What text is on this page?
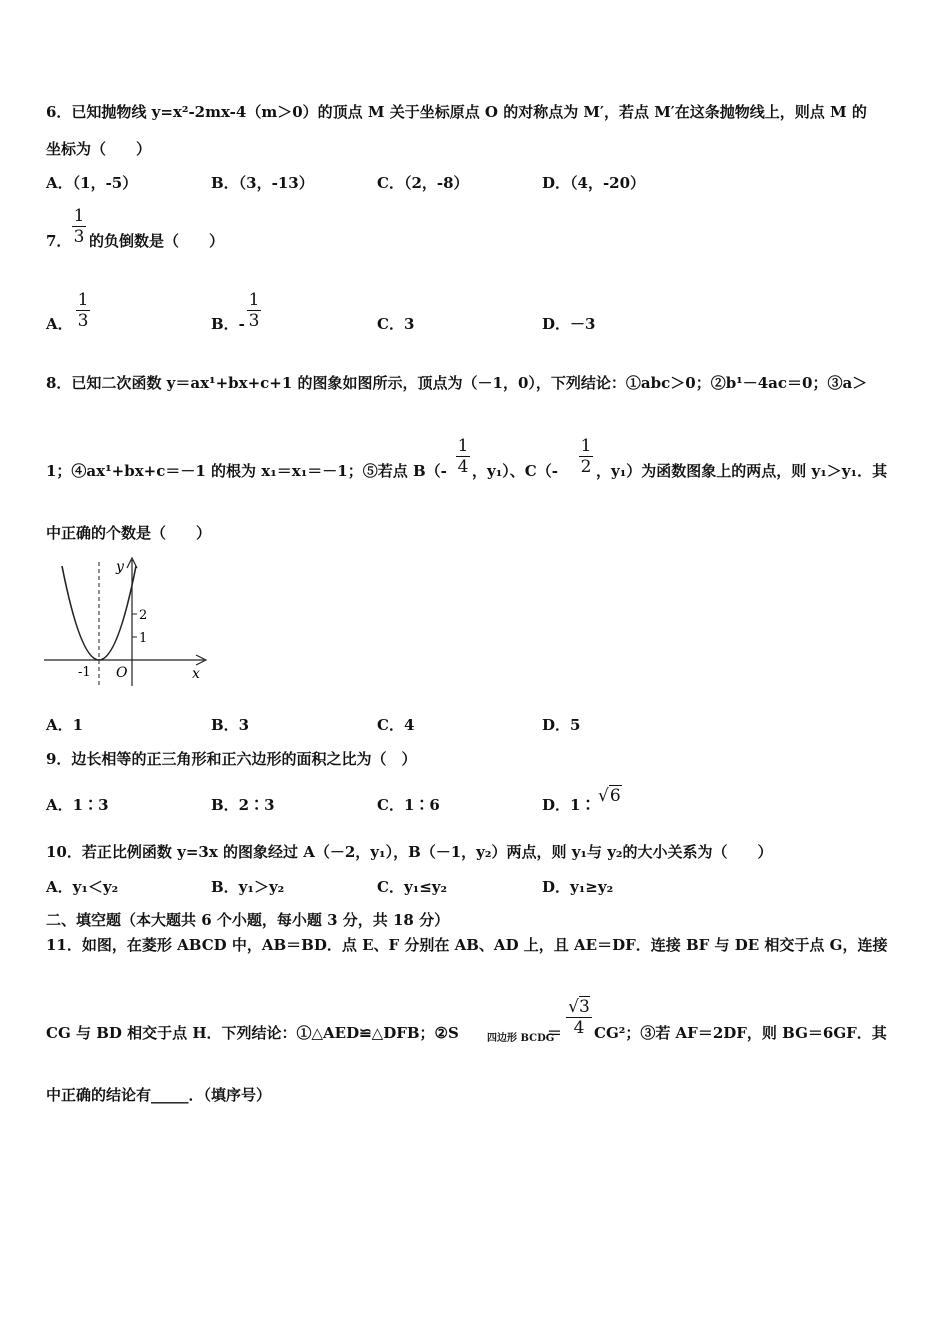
6．已知抛物线 y=x²-2mx-4（m＞0）的顶点 M 关于坐标原点 O 的对称点为 M′，若点 M′在这条抛物线上，则点 M 的
坐标为（　　）
A．（1，-5）	B．（3，-13）	C．（2，-8）	D．（4，-20）
7．
1
3 的负倒数是（　　）
A．
1
3	B．-
1
3	C．3	D．－3
8．已知二次函数 y＝ax¹+bx+c+1 的图象如图所示，顶点为（－1，0），下列结论：①abc＞0；②b¹－4ac＝0；③a＞
1；④ax¹+bx+c＝－1 的根为 x₁＝x₁＝－1；⑤若点 B（-
1
4 ，y₁）、C（-
1
2 ，y₁）为函数图象上的两点，则 y₁＞y₁．其
中正确的个数是（　　）
y
x
O
-1
2
1
A．1	B．3	C．4	D．5
9．边长相等的正三角形和正六边形的面积之比为（　）
A．1∶3	B．2∶3	C．1∶6	D．1∶ √6
10．若正比例函数 y=3x 的图象经过 A（－2，y₁），B（－1，y₂）两点，则 y₁与 y₂的大小关系为（　　）
A．y₁＜y₂	B．y₁＞y₂	C．y₁≤y₂	D．y₁≥y₂
二、填空题（本大题共 6 个小题，每小题 3 分，共 18 分）
11．如图，在菱形 ABCD 中，AB＝BD．点 E、F 分别在 AB、AD 上，且 AE＝DF．连接 BF 与 DE 相交于点 G，连接
CG 与 BD 相交于点 H．下列结论：①△AED≌△DFB；②S	四边形 BCDG
＝
√3
4 CG²；③若 AF＝2DF，则 BG＝6GF．其
中正确的结论有_____．（填序号）
